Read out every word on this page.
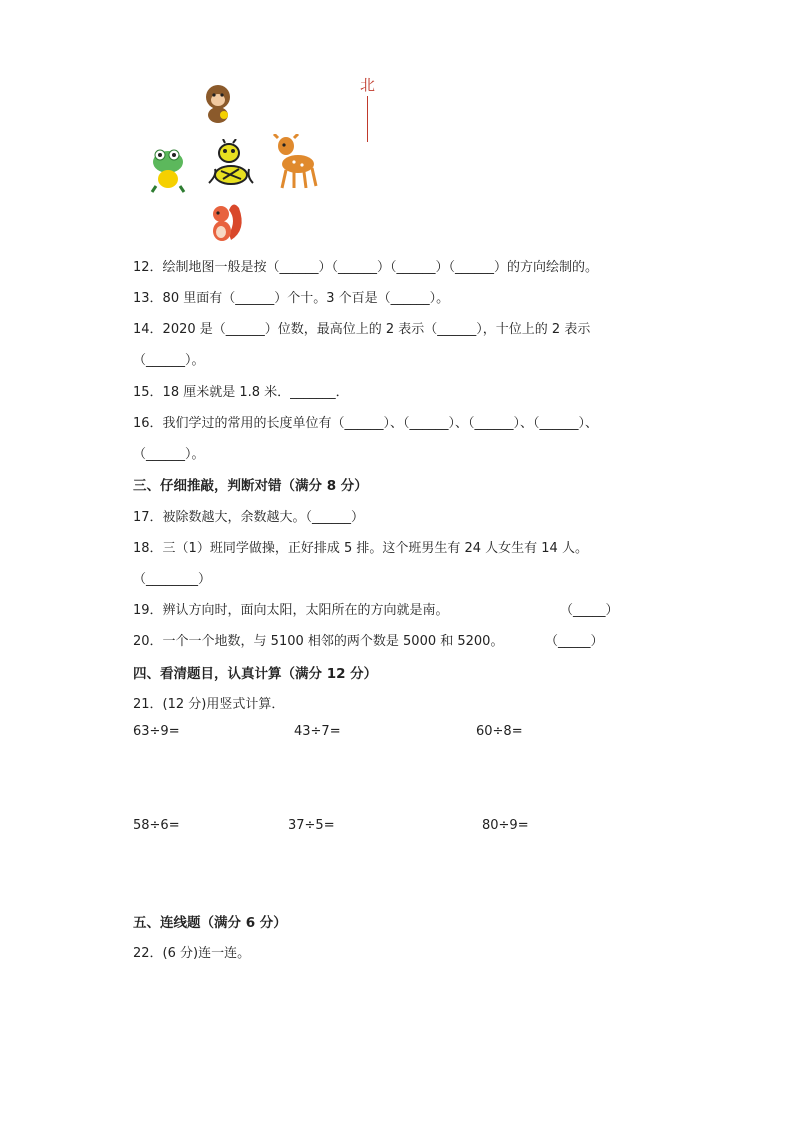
北
12．绘制地图一般是按（______）（______）（______）（______）的方向绘制的。
13．80 里面有（______）个十。3 个百是（______）。
14．2020 是（______）位数，最高位上的 2 表示（______），十位上的 2 表示
（______）。
15．18 厘米就是 1.8 米．_______．
16．我们学过的常用的长度单位有（______）、（______）、（______）、（______）、
（______）。
三、仔细推敲，判断对错（满分 8 分）
17．被除数越大，余数越大。（______）
18．三（1）班同学做操，正好排成 5 排。这个班男生有 24 人女生有 14 人。
（________）
19．辨认方向时，面向太阳，太阳所在的方向就是南。	（_____）
20．一个一个地数，与 5100 相邻的两个数是 5000 和 5200。	（_____）
四、看清题目，认真计算（满分 12 分）
21．(12 分)用竖式计算．
63÷9=	43÷7=	60÷8=
58÷6=	37÷5=	80÷9=
五、连线题（满分 6 分）
22．(6 分)连一连。
